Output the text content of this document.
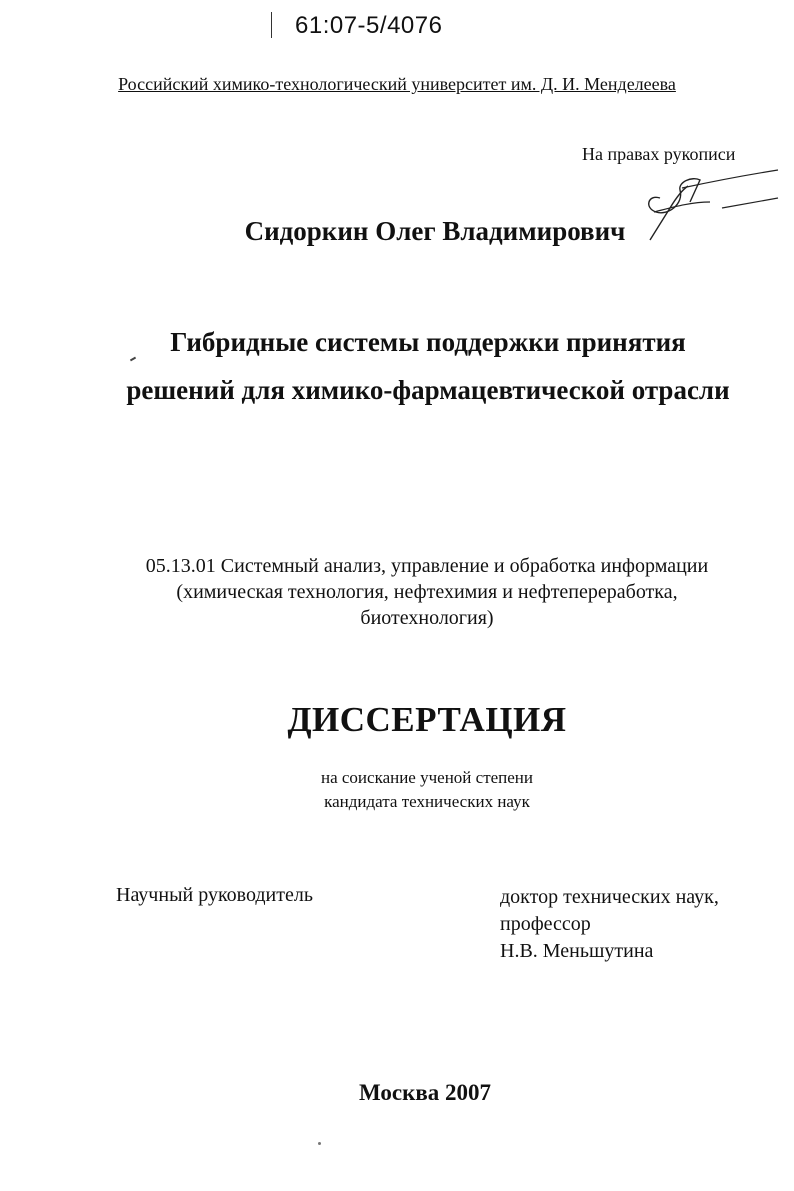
61:07-5/4076
Российский химико-технологический университет им. Д. И. Менделеева
На правах рукописи
Сидоркин Олег Владимирович
Гибридные системы поддержки принятия
решений для химико-фармацевтической отрасли
05.13.01 Системный анализ, управление и обработка информации
(химическая технология, нефтехимия и нефтепереработка,
биотехнология)
ДИССЕРТАЦИЯ
на соискание ученой степени
кандидата технических наук
Научный руководитель	доктор технических наук,
профессор
Н.В. Меньшутина
Москва 2007
